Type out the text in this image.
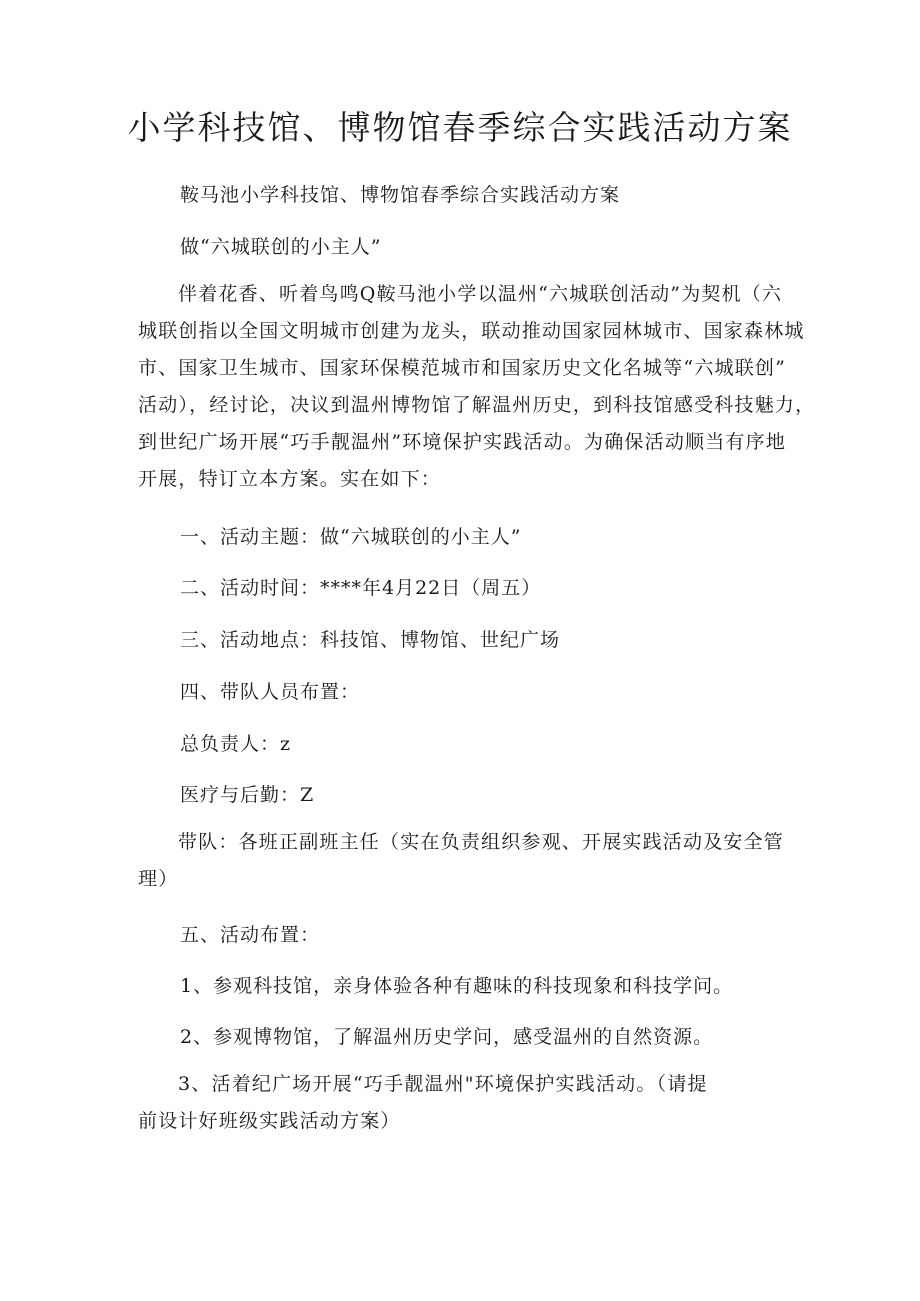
小学科技馆、博物馆春季综合实践活动方案

鞍马池小学科技馆、博物馆春季综合实践活动方案

做“六城联创的小主人”

伴着花香、听着鸟鸣Q鞍马池小学以温州“六城联创活动”为契机（六
城联创指以全国文明城市创建为龙头，联动推动国家园林城市、国家森林城
市、国家卫生城市、国家环保模范城市和国家历史文化名城等“六城联创”
活动），经讨论，决议到温州博物馆了解温州历史，到科技馆感受科技魅力，
到世纪广场开展“巧手靓温州”环境保护实践活动。为确保活动顺当有序地
开展，特订立本方案。实在如下：

一、活动主题：做“六城联创的小主人”

二、活动时间：****年4月22日（周五）

三、活动地点：科技馆、博物馆、世纪广场

四、带队人员布置：

总负责人：z

医疗与后勤：Z

带队：各班正副班主任（实在负责组织参观、开展实践活动及安全管
理）

五、活动布置：

1、参观科技馆，亲身体验各种有趣味的科技现象和科技学问。

2、参观博物馆，了解温州历史学问，感受温州的自然资源。

3、活着纪广场开展“巧手靓温州"环境保护实践活动。（请提
前设计好班级实践活动方案）
